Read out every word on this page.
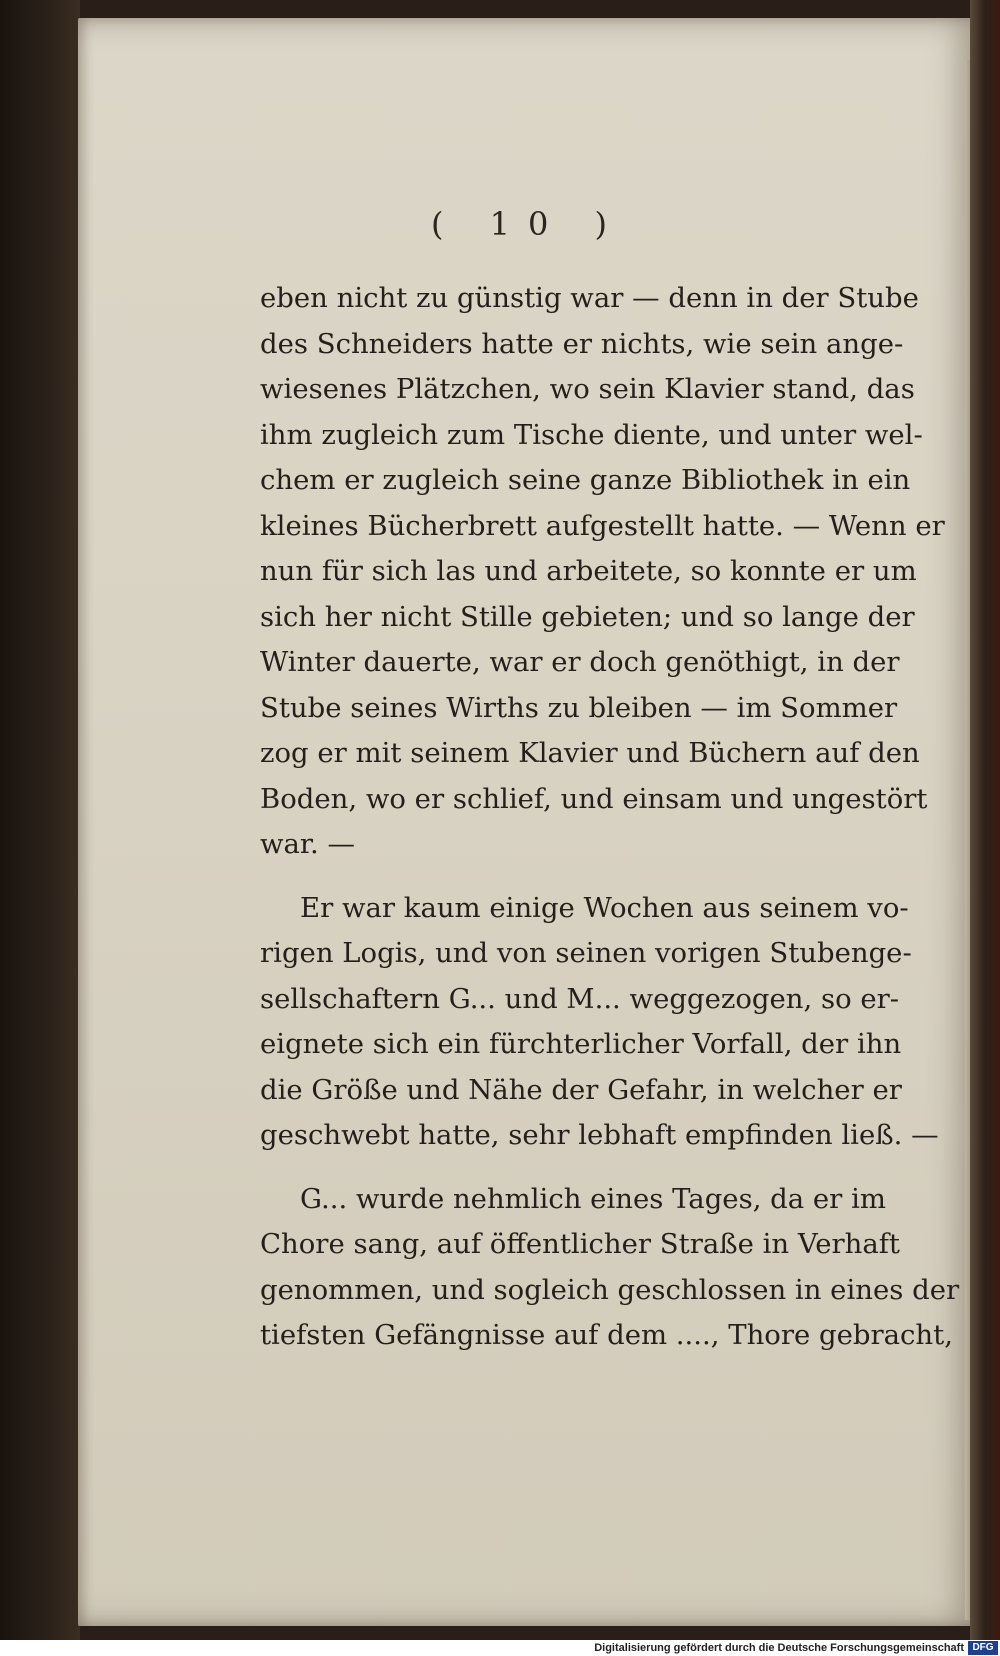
( 10 )

eben nicht zu günstig war — denn in der Stube
des Schneiders hatte er nichts, wie sein ange-
wiesenes Plätzchen, wo sein Klavier stand, das
ihm zugleich zum Tische diente, und unter wel-
chem er zugleich seine ganze Bibliothek in ein
kleines Bücherbrett aufgestellt hatte. — Wenn er
nun für sich las und arbeitete, so konnte er um
sich her nicht Stille gebieten; und so lange der
Winter dauerte, war er doch genöthigt, in der
Stube seines Wirths zu bleiben — im Sommer
zog er mit seinem Klavier und Büchern auf den
Boden, wo er schlief, und einsam und ungestört
war. —

Er war kaum einige Wochen aus seinem vo-

rigen Logis, und von seinen vorigen Stubenge-
sellschaftern G... und M... weggezogen, so er-
eignete sich ein fürchterlicher Vorfall, der ihn
die Größe und Nähe der Gefahr, in welcher er
geschwebt hatte, sehr lebhaft empfinden ließ. —

G... wurde nehmlich eines Tages, da er im

Chore sang, auf öffentlicher Straße in Verhaft
genommen, und sogleich geschlossen in eines der
tiefsten Gefängnisse auf dem ...., Thore gebracht,

Digitalisierung gefördert durch die Deutsche Forschungsgemeinschaft DFG
